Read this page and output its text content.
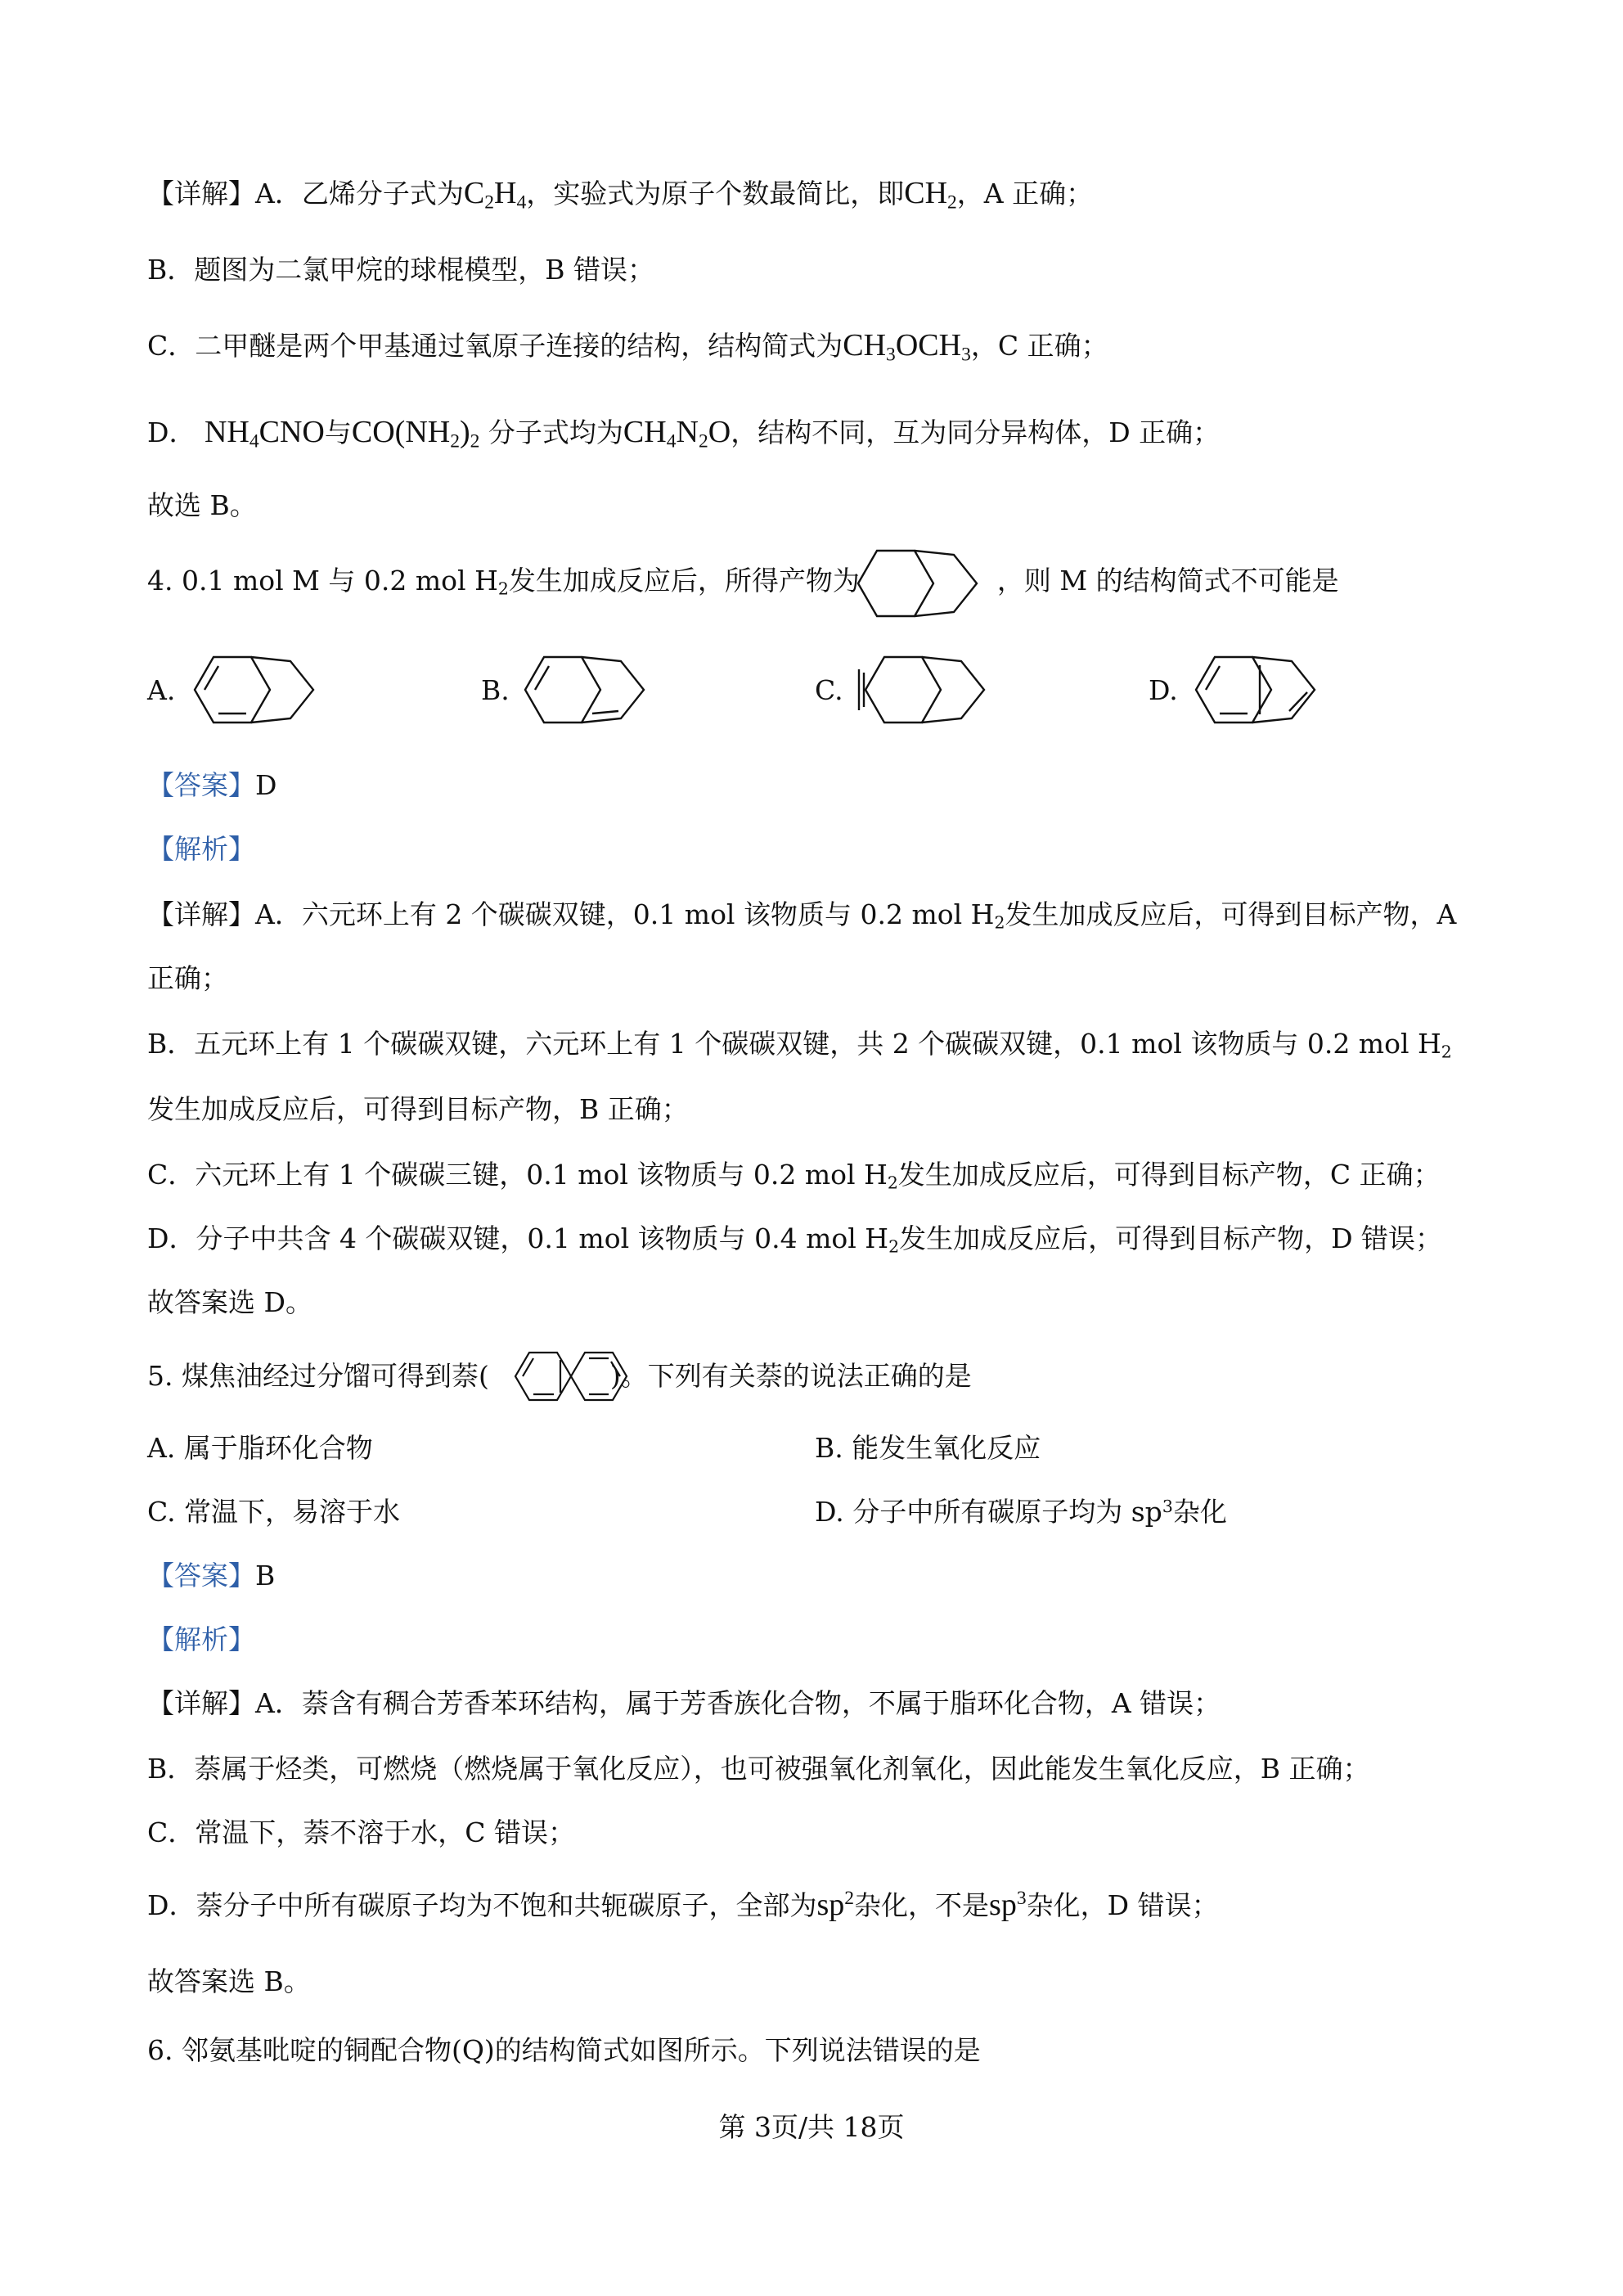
【详解】A．乙烯分子式为$C_2H_4$，实验式为原子个数最简比，即$CH_2$，A 正确；

B．题图为二氯甲烷的球棍模型，B 错误；

C．二甲醚是两个甲基通过氧原子连接的结构，结构简式为$CH_3OCH_3$，C 正确；

D． $NH_4CNO$与$CO(NH_2)_2$ 分子式均为$CH_4N_2O$，结构不同，互为同分异构体，D 正确；

故选 B。

4. 0.1 mol M 与 0.2 mol $H_2$发生加成反应后，所得产物为	，则 M 的结构简式不可能是

A.	B.	C.	D.

【答案】D

【解析】

【详解】A．六元环上有 2 个碳碳双键，0.1 mol 该物质与 0.2 mol $H_2$发生加成反应后，可得到目标产物，A

正确；

B．五元环上有 1 个碳碳双键，六元环上有 1 个碳碳双键，共 2 个碳碳双键，0.1 mol 该物质与 0.2 mol $H_2$

发生加成反应后，可得到目标产物，B 正确；

C．六元环上有 1 个碳碳三键，0.1 mol 该物质与 0.2 mol $H_2$发生加成反应后，可得到目标产物，C 正确；

D．分子中共含 4 个碳碳双键，0.1 mol 该物质与 0.4 mol $H_2$发生加成反应后，可得到目标产物，D 错误；

故答案选 D。

5. 煤焦油经过分馏可得到萘(	)。下列有关萘的说法正确的是

A. 属于脂环化合物	B. 能发生氧化反应

C. 常温下，易溶于水	D. 分子中所有碳原子均为 $sp^3$杂化

【答案】B

【解析】

【详解】A．萘含有稠合芳香苯环结构，属于芳香族化合物，不属于脂环化合物，A 错误；

B．萘属于烃类，可燃烧（燃烧属于氧化反应），也可被强氧化剂氧化，因此能发生氧化反应，B 正确；

C．常温下，萘不溶于水，C 错误；

D．萘分子中所有碳原子均为不饱和共轭碳原子，全部为$sp^2$杂化，不是$sp^3$杂化，D 错误；

故答案选 B。

6. 邻氨基吡啶的铜配合物(Q)的结构简式如图所示。下列说法错误的是

第 3页/共 18页
